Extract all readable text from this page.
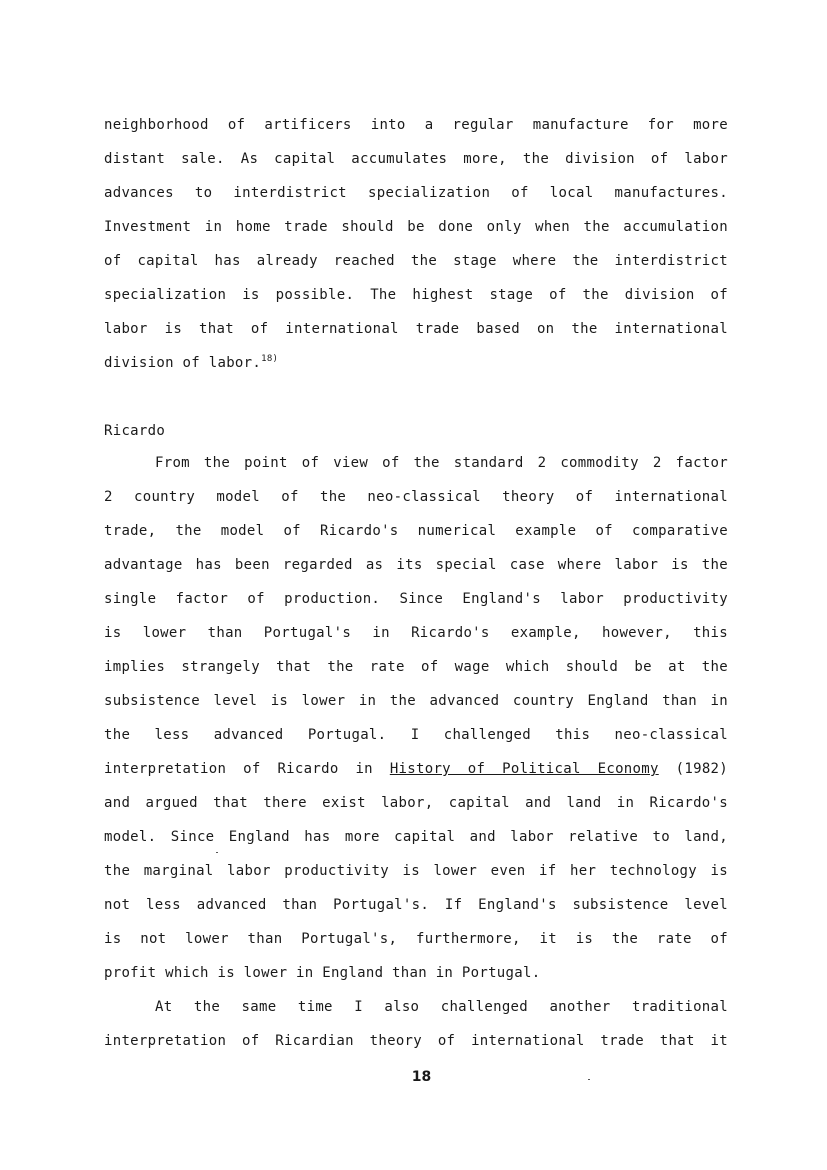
neighborhood of artificers into a regular manufacture for more
distant sale. As capital accumulates more, the division of labor
advances to interdistrict specialization of local manufactures.
Investment in home trade should be done only when the accumulation
of capital has already reached the stage where the interdistrict
specialization is possible. The highest stage of the division of
labor is that of international trade based on the international
division of labor.$^{18)}$
Ricardo
From the point of view of the standard 2 commodity 2 factor
2 country model of the neo-classical theory of international
trade, the model of Ricardo's numerical example of comparative
advantage has been regarded as its special case where labor is the
single factor of production. Since England's labor productivity
is lower than Portugal's in Ricardo's example, however, this
implies strangely that the rate of wage which should be at the
subsistence level is lower in the advanced country England than in
the less advanced Portugal. I challenged this neo-classical
interpretation of Ricardo in History of Political Economy (1982)
and argued that there exist labor, capital and land in Ricardo's
model. Since England has more capital and labor relative to land,
the marginal labor productivity is lower even if her technology is
not less advanced than Portugal's. If England's subsistence level
is not lower than Portugal's, furthermore, it is the rate of
profit which is lower in England than in Portugal.
At the same time I also challenged another traditional
interpretation of Ricardian theory of international trade that it
18
